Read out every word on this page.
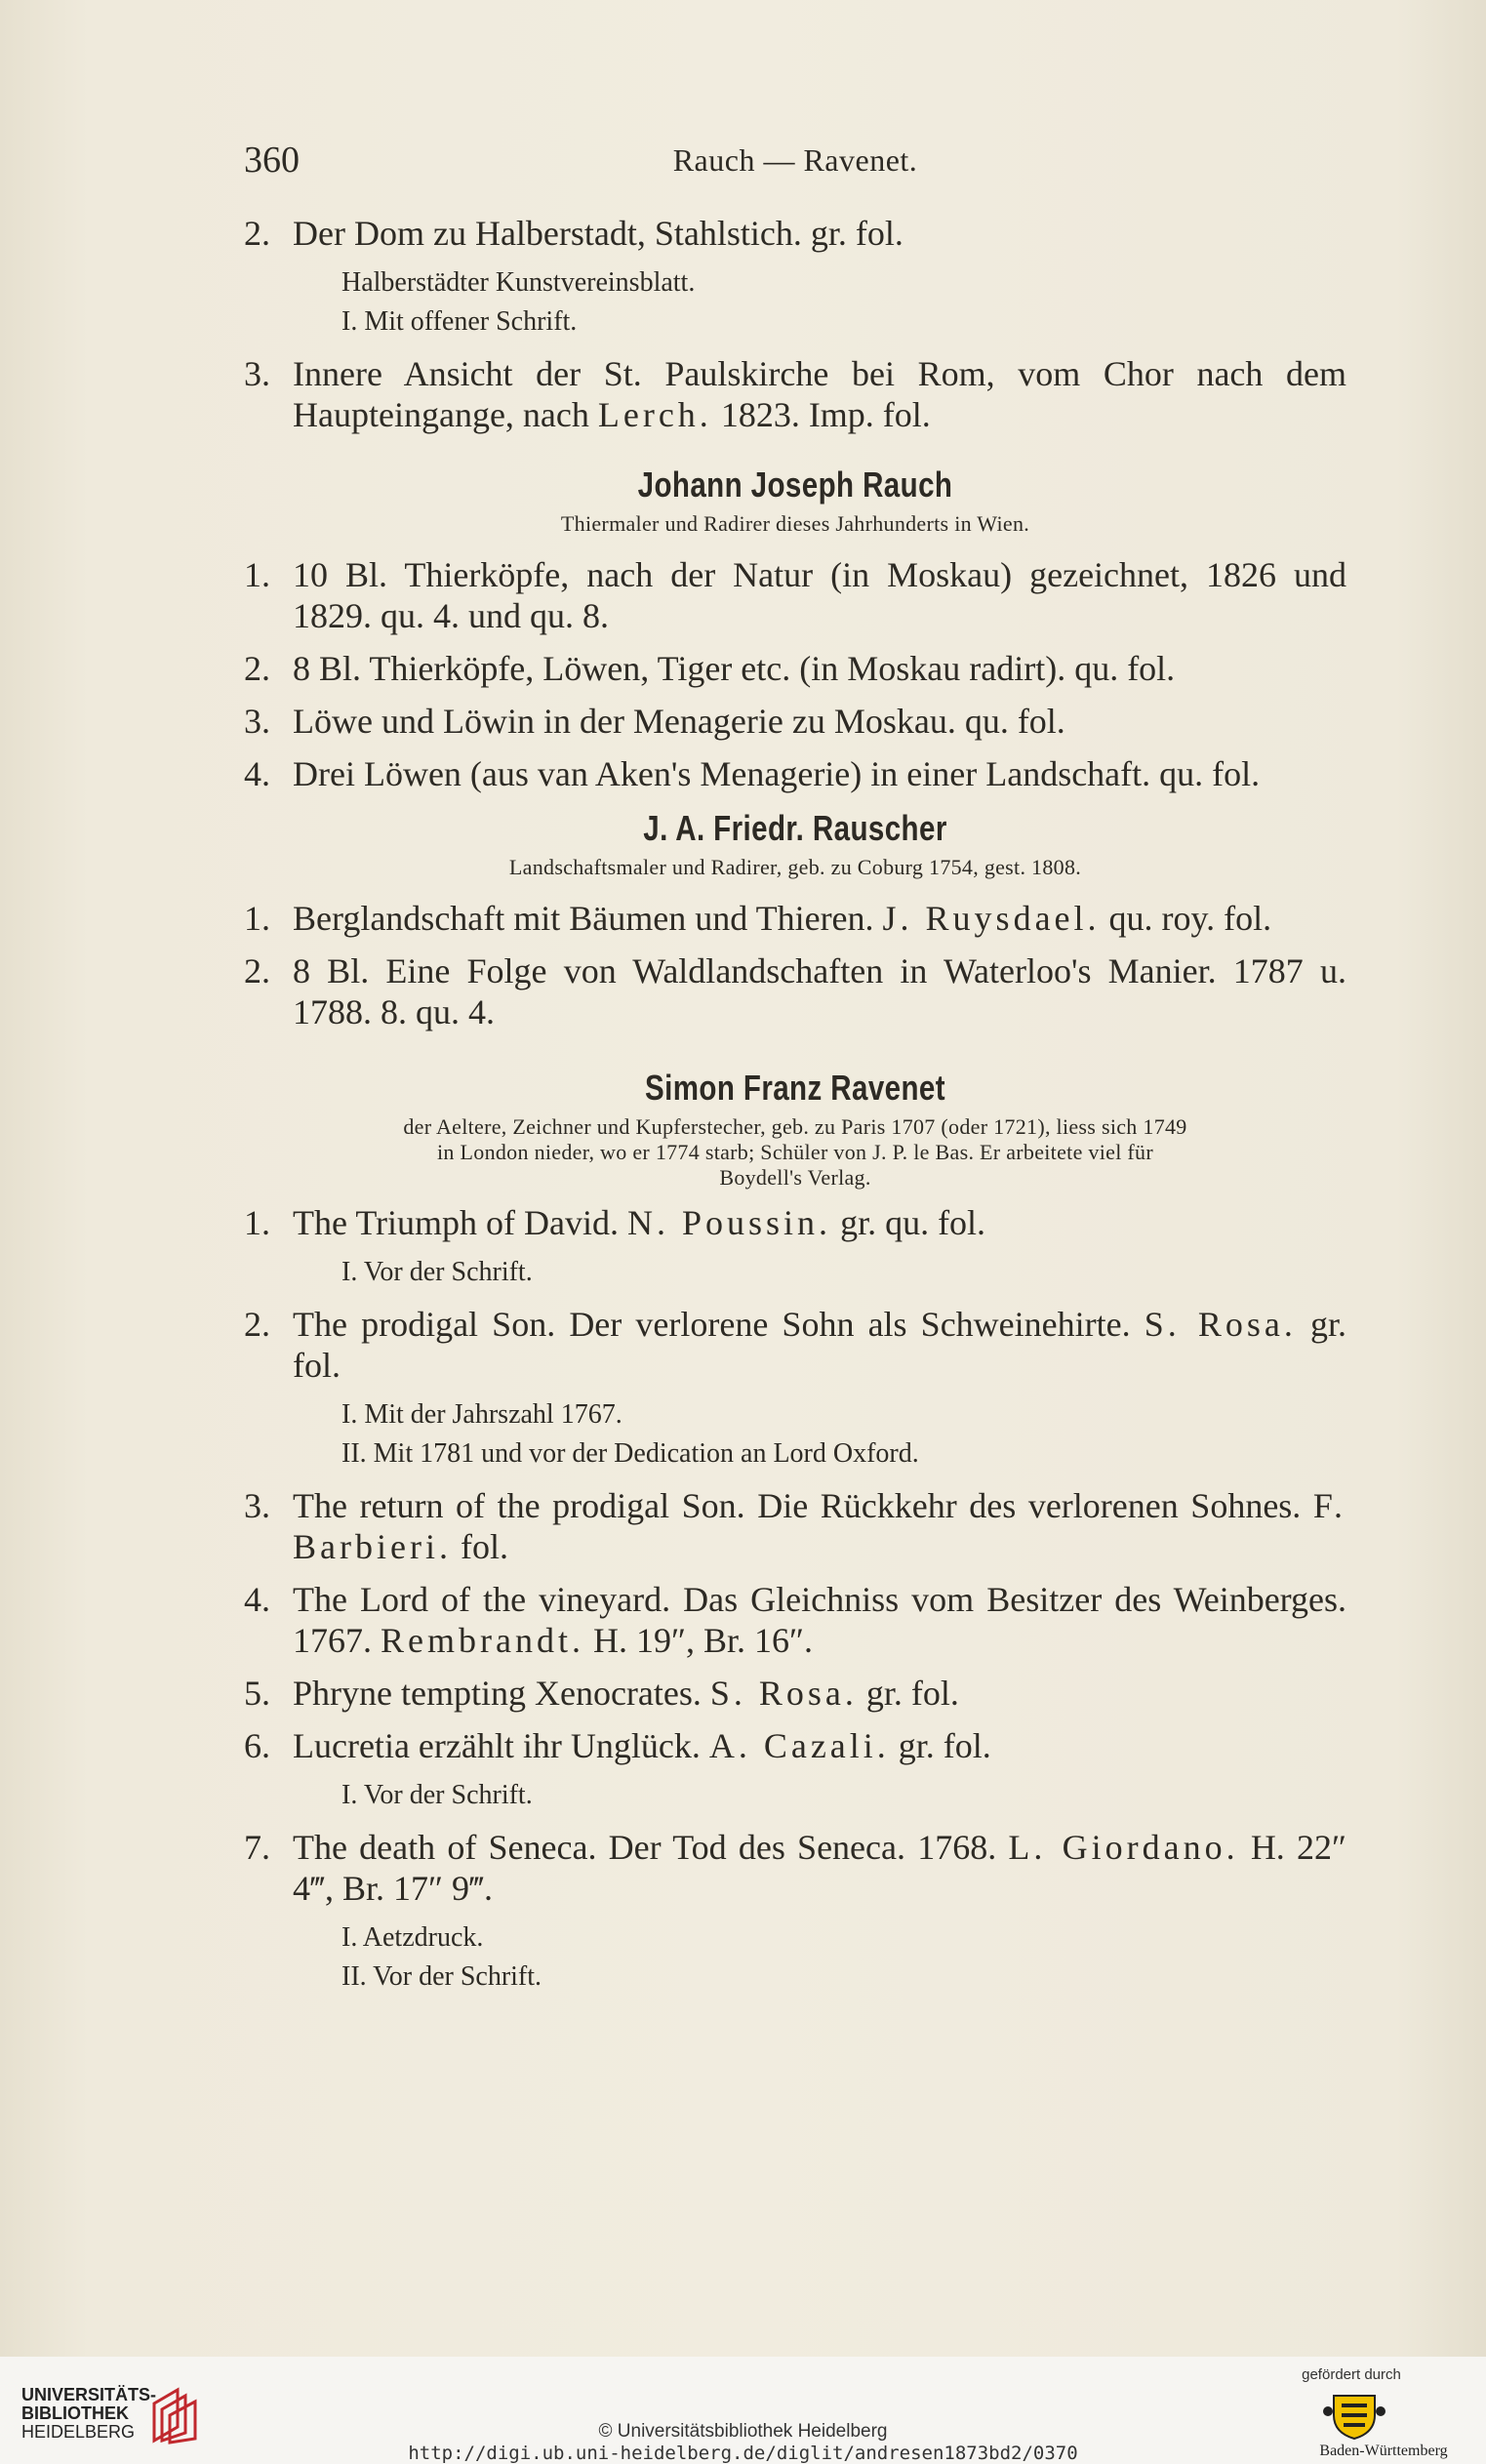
360	Rauch — Ravenet.
2. Der Dom zu Halberstadt, Stahlstich. gr. fol.
Halberstädter Kunstvereinsblatt.
I. Mit offener Schrift.
3. Innere Ansicht der St. Paulskirche bei Rom, vom Chor nach dem Haupteingange, nach Lerch. 1823. Imp. fol.
Johann Joseph Rauch
Thiermaler und Radirer dieses Jahrhunderts in Wien.
1. 10 Bl. Thierköpfe, nach der Natur (in Moskau) gezeichnet, 1826 und 1829. qu. 4. und qu. 8.
2. 8 Bl. Thierköpfe, Löwen, Tiger etc. (in Moskau radirt). qu. fol.
3. Löwe und Löwin in der Menagerie zu Moskau. qu. fol.
4. Drei Löwen (aus van Aken's Menagerie) in einer Landschaft. qu. fol.
J. A. Friedr. Rauscher
Landschaftsmaler und Radirer, geb. zu Coburg 1754, gest. 1808.
1. Berglandschaft mit Bäumen und Thieren. J. Ruysdael. qu. roy. fol.
2. 8 Bl. Eine Folge von Waldlandschaften in Waterloo's Manier. 1787 u. 1788. 8. qu. 4.
Simon Franz Ravenet
der Aeltere, Zeichner und Kupferstecher, geb. zu Paris 1707 (oder 1721), liess sich 1749
in London nieder, wo er 1774 starb; Schüler von J. P. le Bas. Er arbeitete viel für
Boydell's Verlag.
1. The Triumph of David. N. Poussin. gr. qu. fol.
I. Vor der Schrift.
2. The prodigal Son. Der verlorene Sohn als Schweinehirte. S. Rosa. gr. fol.
I. Mit der Jahrszahl 1767.
II. Mit 1781 und vor der Dedication an Lord Oxford.
3. The return of the prodigal Son. Die Rückkehr des verlorenen Sohnes. F. Barbieri. fol.
4. The Lord of the vineyard. Das Gleichniss vom Besitzer des Weinberges. 1767. Rembrandt. H. 19″, Br. 16″.
5. Phryne tempting Xenocrates. S. Rosa. gr. fol.
6. Lucretia erzählt ihr Unglück. A. Cazali. gr. fol.
I. Vor der Schrift.
7. The death of Seneca. Der Tod des Seneca. 1768. L. Giordano. H. 22″ 4‴, Br. 17″ 9‴.
I. Aetzdruck.
II. Vor der Schrift.
UNIVERSITÄTS-
BIBLIOTHEK
HEIDELBERG	© Universitätsbibliothek Heidelberg
http://digi.ub.uni-heidelberg.de/diglit/andresen1873bd2/0370
gefördert durch
Baden-Württemberg
